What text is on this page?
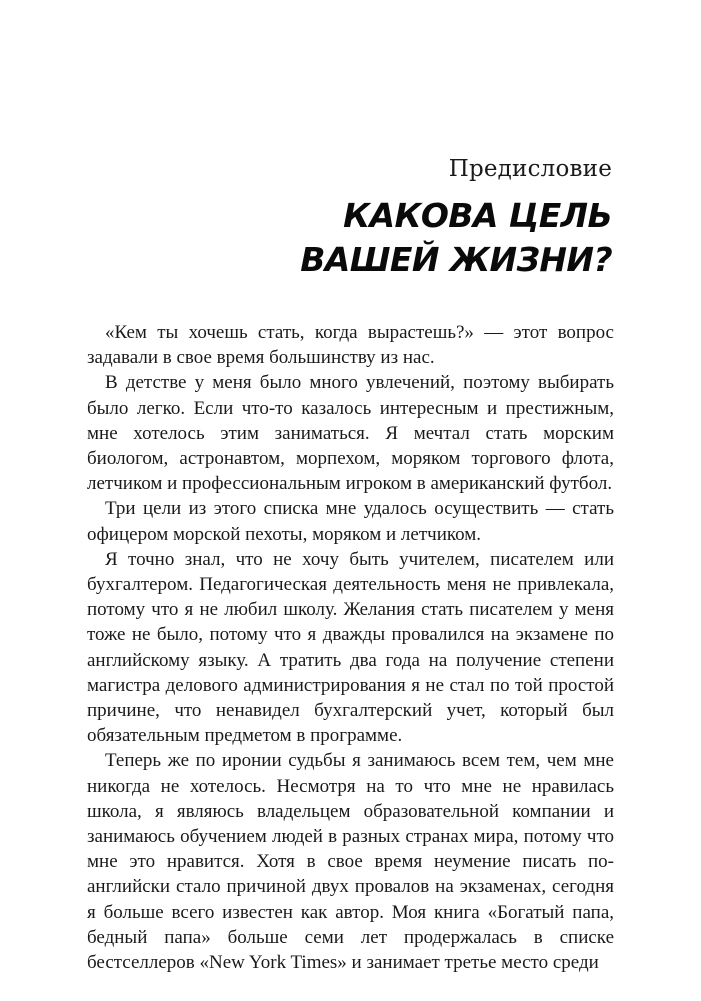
Предисловие
КАКОВА ЦЕЛЬ
ВАШЕЙ ЖИЗНИ?

«Кем ты хочешь стать, когда вырастешь?» — этот вопрос задавали в свое время большинству из нас.

В детстве у меня было много увлечений, поэтому выбирать было легко. Если что-то казалось интересным и престижным, мне хотелось этим заниматься. Я мечтал стать морским биологом, астронавтом, морпехом, моряком торгового флота, летчиком и профессиональным игроком в американский футбол.

Три цели из этого списка мне удалось осуществить — стать офицером морской пехоты, моряком и летчиком.

Я точно знал, что не хочу быть учителем, писателем или бухгалтером. Педагогическая деятельность меня не привлекала, потому что я не любил школу. Желания стать писателем у меня тоже не было, потому что я дважды провалился на экзамене по английскому языку. А тратить два года на получение степени магистра делового администрирования я не стал по той простой причине, что ненавидел бухгалтерский учет, который был обязательным предметом в программе.

Теперь же по иронии судьбы я занимаюсь всем тем, чем мне никогда не хотелось. Несмотря на то что мне не нравилась школа, я являюсь владельцем образовательной компании и занимаюсь обучением людей в разных странах мира, потому что мне это нравится. Хотя в свое время неумение писать по-английски стало причиной двух провалов на экзаменах, сегодня я больше всего известен как автор. Моя книга «Богатый папа, бедный папа» больше семи лет продержалась в списке бестселлеров «New York Times» и занимает третье место среди
